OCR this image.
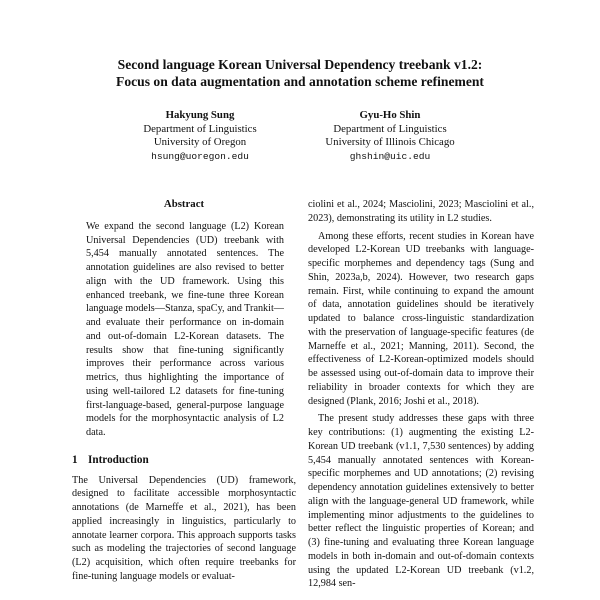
Second language Korean Universal Dependency treebank v1.2:
Focus on data augmentation and annotation scheme refinement
Hakyung Sung
Department of Linguistics
University of Oregon
hsung@uoregon.edu
Gyu-Ho Shin
Department of Linguistics
University of Illinois Chicago
ghshin@uic.edu
Abstract

We expand the second language (L2) Korean Universal Dependencies (UD) treebank with 5,454 manually annotated sentences. The annotation guidelines are also revised to better align with the UD framework. Using this enhanced treebank, we fine-tune three Korean language models—Stanza, spaCy, and Trankit—and evaluate their performance on in-domain and out-of-domain L2-Korean datasets. The results show that fine-tuning significantly improves their performance across various metrics, thus highlighting the importance of using well-tailored L2 datasets for fine-tuning first-language-based, general-purpose language models for the morphosyntactic analysis of L2 data.

1 Introduction

The Universal Dependencies (UD) framework, designed to facilitate accessible morphosyntactic annotations (de Marneffe et al., 2021), has been applied increasingly in linguistics, particularly to annotate learner corpora. This approach supports tasks such as modeling the trajectories of second language (L2) acquisition, which often require treebanks for fine-tuning language models or evaluat-

ciolini et al., 2024; Masciolini, 2023; Masciolini et al., 2023), demonstrating its utility in L2 studies.

Among these efforts, recent studies in Korean have developed L2-Korean UD treebanks with language-specific morphemes and dependency tags (Sung and Shin, 2023a,b, 2024). However, two research gaps remain. First, while continuing to expand the amount of data, annotation guidelines should be iteratively updated to balance cross-linguistic standardization with the preservation of language-specific features (de Marneffe et al., 2021; Manning, 2011). Second, the effectiveness of L2-Korean-optimized models should be assessed using out-of-domain data to improve their reliability in broader contexts for which they are designed (Plank, 2016; Joshi et al., 2018).

The present study addresses these gaps with three key contributions: (1) augmenting the existing L2-Korean UD treebank (v1.1, 7,530 sentences) by adding 5,454 manually annotated sentences with Korean-specific morphemes and UD annotations; (2) revising dependency annotation guidelines extensively to better align with the language-general UD framework, while implementing minor adjustments to the guidelines to better reflect the linguistic properties of Korean; and (3) fine-tuning and evaluating three Korean language models in both in-domain and out-of-domain contexts using the updated L2-Korean UD treebank (v1.2, 12,984 sen-
